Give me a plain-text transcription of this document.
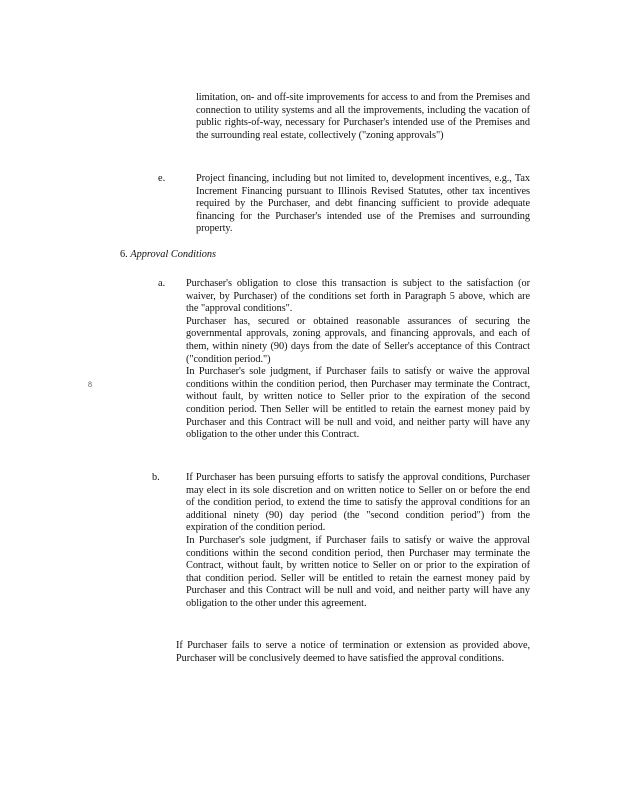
limitation, on- and off-site improvements for access to and from the Premises and connection to utility systems and all the improvements, including the vacation of public rights-of-way, necessary for Purchaser's intended use of the Premises and the surrounding real estate, collectively ("zoning approvals")
e.	Project financing, including but not limited to, development incentives, e.g., Tax Increment Financing pursuant to Illinois Revised Statutes, other tax incentives required by the Purchaser, and debt financing sufficient to provide adequate financing for the Purchaser's intended use of the Premises and surrounding property.
6. Approval Conditions
a. Purchaser's obligation to close this transaction is subject to the satisfaction (or waiver, by Purchaser) of the conditions set forth in Paragraph 5 above, which are the "approval conditions".
Purchaser has, secured or obtained reasonable assurances of securing the governmental approvals, zoning approvals, and financing approvals, and each of them, within ninety (90) days from the date of Seller's acceptance of this Contract ("condition period.")
In Purchaser's sole judgment, if Purchaser fails to satisfy or waive the approval conditions within the condition period, then Purchaser may terminate the Contract, without fault, by written notice to Seller prior to the expiration of the second condition period. Then Seller will be entitled to retain the earnest money paid by Purchaser and this Contract will be null and void, and neither party will have any obligation to the other under this Contract.
8
b.	If Purchaser has been pursuing efforts to satisfy the approval conditions, Purchaser may elect in its sole discretion and on written notice to Seller on or before the end of the condition period, to extend the time to satisfy the approval conditions for an additional ninety (90) day period (the "second condition period") from the expiration of the condition period.
In Purchaser's sole judgment, if Purchaser fails to satisfy or waive the approval conditions within the second condition period, then Purchaser may terminate the Contract, without fault, by written notice to Seller on or prior to the expiration of that condition period. Seller will be entitled to retain the earnest money paid by Purchaser and this Contract will be null and void, and neither party will have any obligation to the other under this agreement.
If Purchaser fails to serve a notice of termination or extension as provided above, Purchaser will be conclusively deemed to have satisfied the approval conditions.
